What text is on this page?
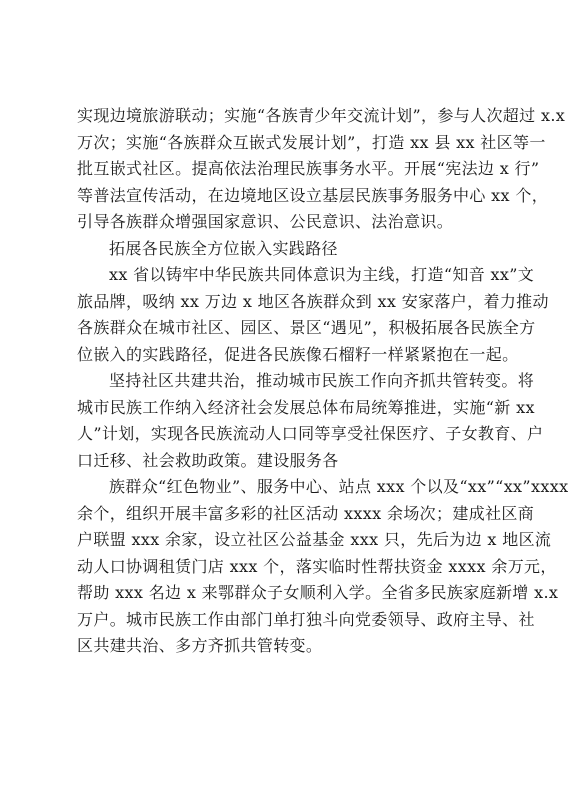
实现边境旅游联动；实施“各族青少年交流计划”，参与人次超过 x.x
万次；实施“各族群众互嵌式发展计划”，打造 xx 县 xx 社区等一
批互嵌式社区。提高依法治理民族事务水平。开展“宪法边 x 行”
等普法宣传活动，在边境地区设立基层民族事务服务中心 xx 个，
引导各族群众增强国家意识、公民意识、法治意识。
拓展各民族全方位嵌入实践路径
xx 省以铸牢中华民族共同体意识为主线，打造“知音 xx”文
旅品牌，吸纳 xx 万边 x 地区各族群众到 xx 安家落户，着力推动
各族群众在城市社区、园区、景区“遇见”，积极拓展各民族全方
位嵌入的实践路径，促进各民族像石榴籽一样紧紧抱在一起。
坚持社区共建共治，推动城市民族工作向齐抓共管转变。将
城市民族工作纳入经济社会发展总体布局统筹推进，实施“新 xx
人”计划，实现各民族流动人口同等享受社保医疗、子女教育、户
口迁移、社会救助政策。建设服务各
族群众“红色物业”、服务中心、站点 xxx 个以及“xx”“xx”xxxx
余个，组织开展丰富多彩的社区活动 xxxx 余场次；建成社区商
户联盟 xxx 余家，设立社区公益基金 xxx 只，先后为边 x 地区流
动人口协调租赁门店 xxx 个，落实临时性帮扶资金 xxxx 余万元，
帮助 xxx 名边 x 来鄂群众子女顺利入学。全省多民族家庭新增 x.x
万户。城市民族工作由部门单打独斗向党委领导、政府主导、社
区共建共治、多方齐抓共管转变。
